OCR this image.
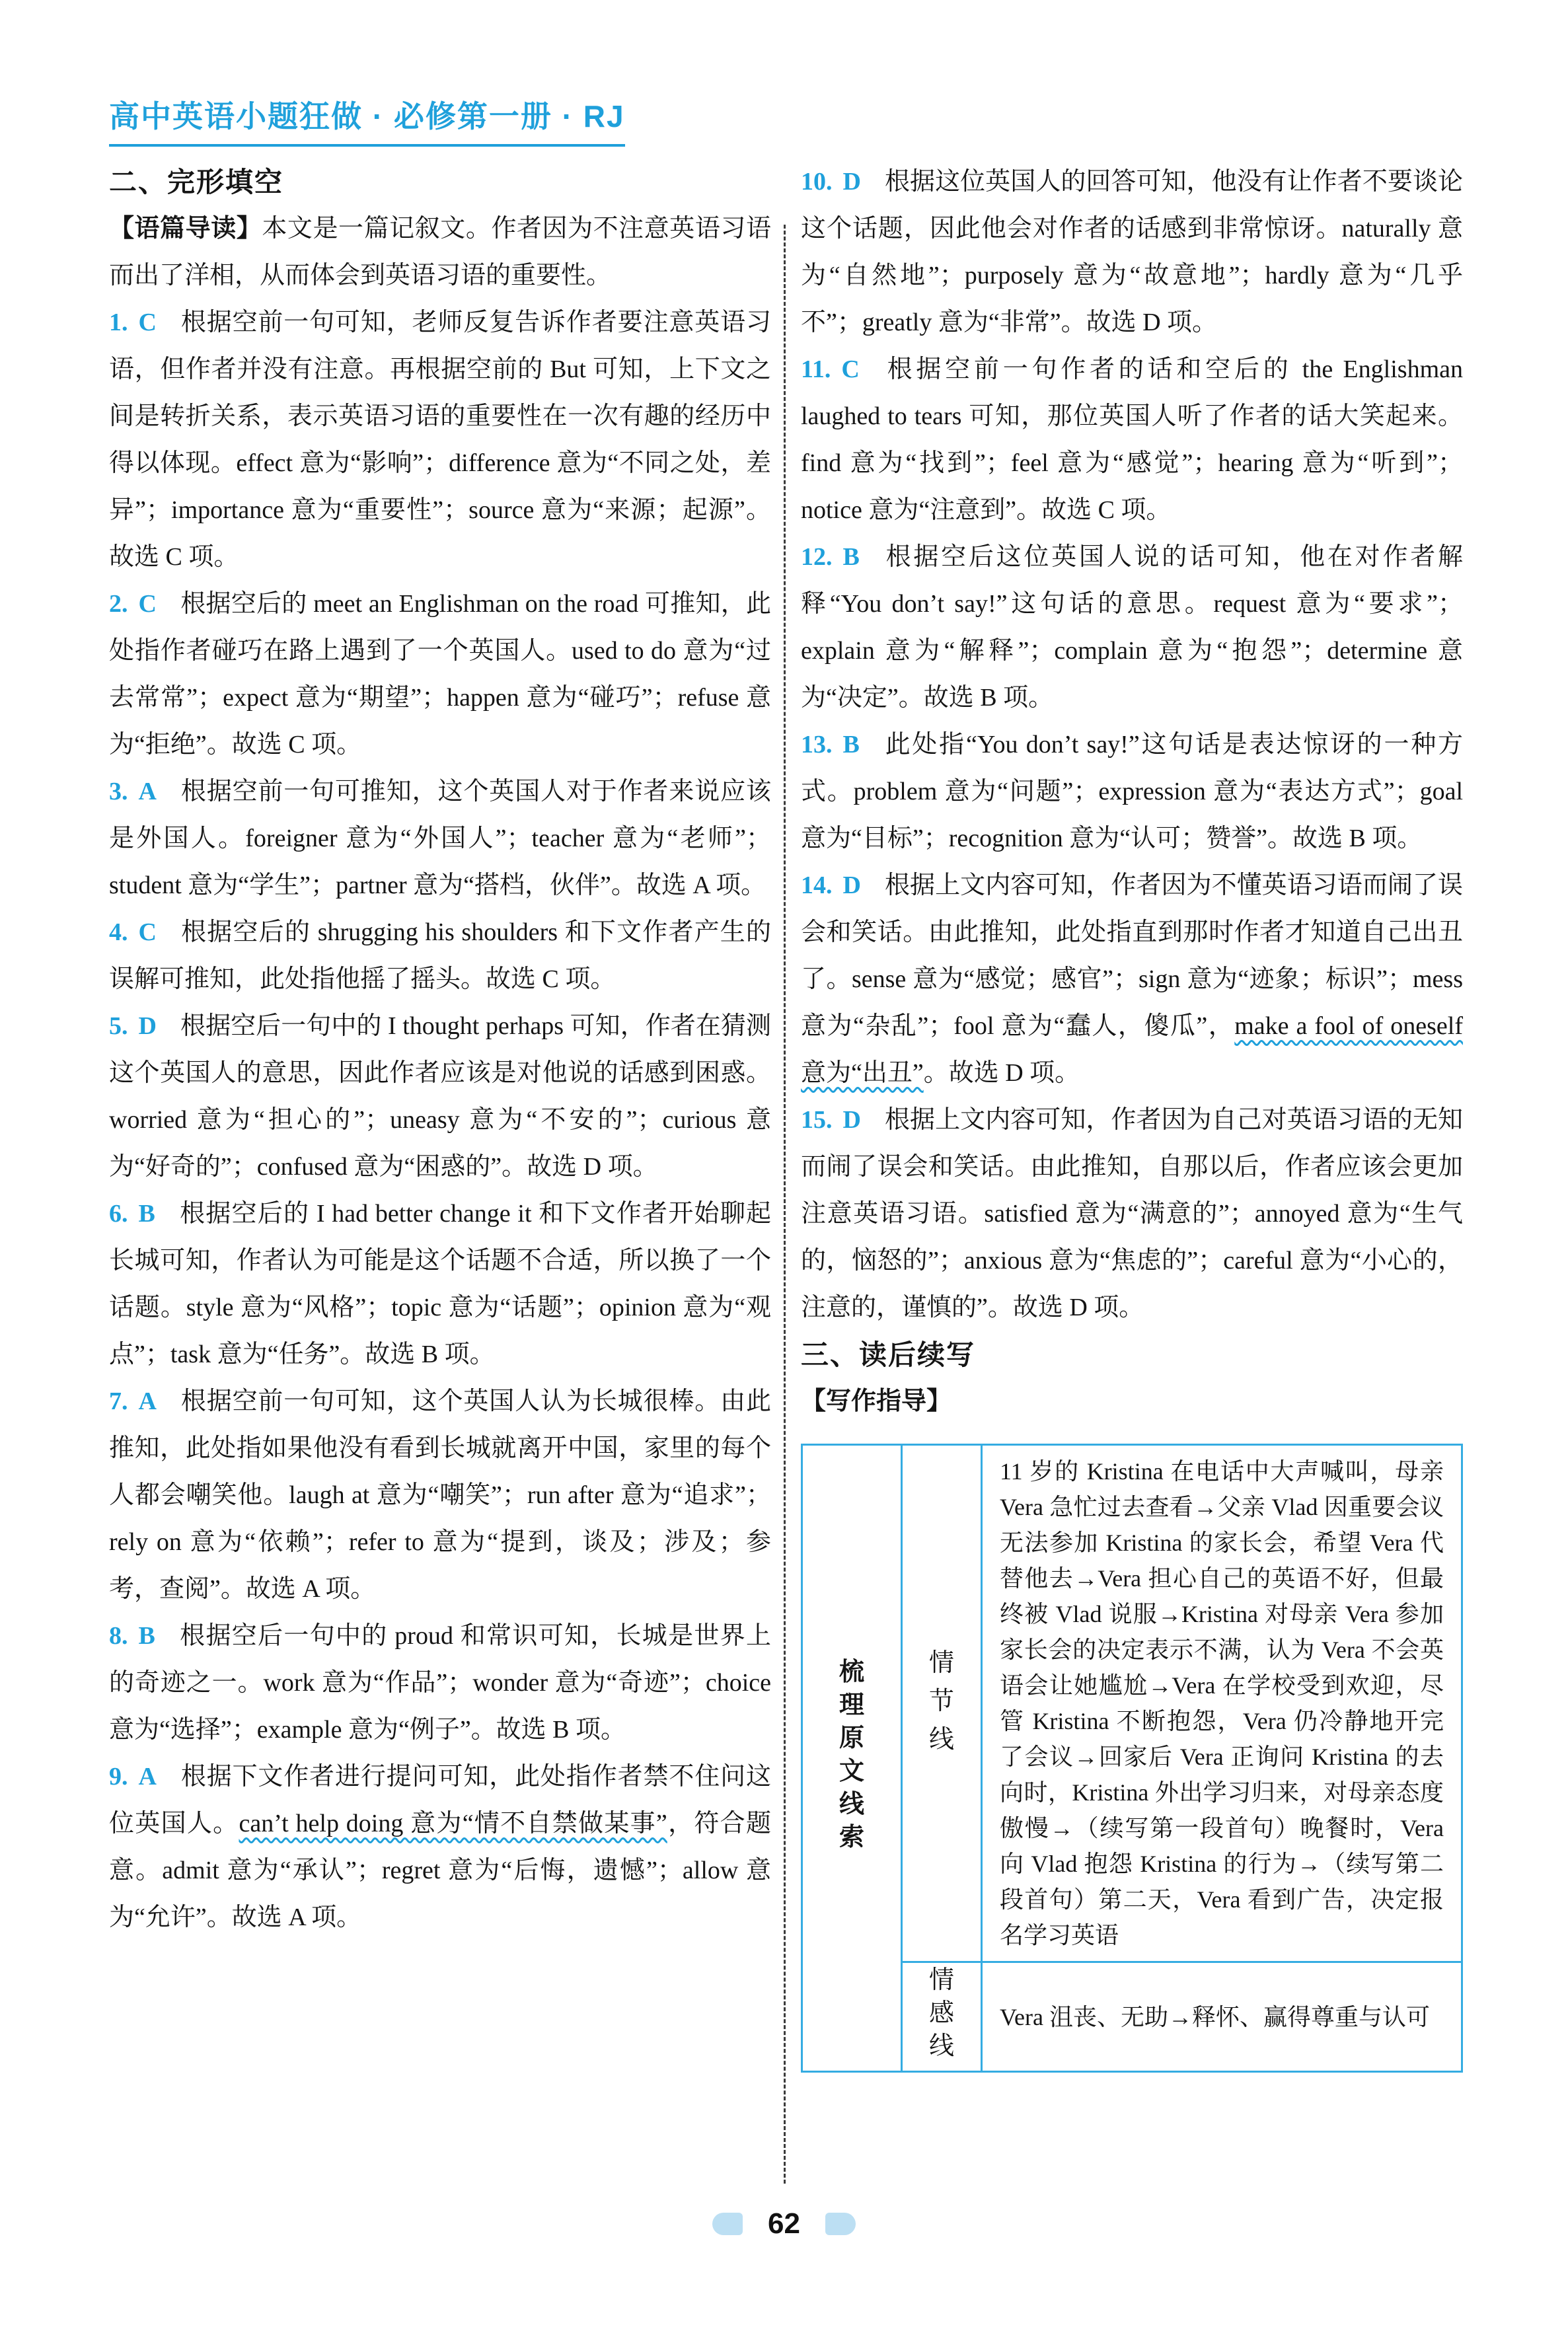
高中英语小题狂做 · 必修第一册 · RJ
二、完形填空

【语篇导读】本文是一篇记叙文。作者因为不注意英语习语而出了洋相，从而体会到英语习语的重要性。

1. C 根据空前一句可知，老师反复告诉作者要注意英语习语，但作者并没有注意。再根据空前的 But 可知，上下文之间是转折关系，表示英语习语的重要性在一次有趣的经历中得以体现。effect 意为“影响”；difference 意为“不同之处，差异”；importance 意为“重要性”；source 意为“来源；起源”。故选 C 项。

2. C 根据空后的 meet an Englishman on the road 可推知，此处指作者碰巧在路上遇到了一个英国人。used to do 意为“过去常常”；expect 意为“期望”；happen 意为“碰巧”；refuse 意为“拒绝”。故选 C 项。

3. A 根据空前一句可推知，这个英国人对于作者来说应该是外国人。foreigner 意为“外国人”；teacher 意为“老师”；student 意为“学生”；partner 意为“搭档，伙伴”。故选 A 项。

4. C 根据空后的 shrugging his shoulders 和下文作者产生的误解可推知，此处指他摇了摇头。故选 C 项。

5. D 根据空后一句中的 I thought perhaps 可知，作者在猜测这个英国人的意思，因此作者应该是对他说的话感到困惑。worried 意为“担心的”；uneasy 意为“不安的”；curious 意为“好奇的”；confused 意为“困惑的”。故选 D 项。

6. B 根据空后的 I had better change it 和下文作者开始聊起长城可知，作者认为可能是这个话题不合适，所以换了一个话题。style 意为“风格”；topic 意为“话题”；opinion 意为“观点”；task 意为“任务”。故选 B 项。

7. A 根据空前一句可知，这个英国人认为长城很棒。由此推知，此处指如果他没有看到长城就离开中国，家里的每个人都会嘲笑他。laugh at 意为“嘲笑”；run after 意为“追求”；rely on 意为“依赖”；refer to 意为“提到，谈及；涉及；参考，查阅”。故选 A 项。

8. B 根据空后一句中的 proud 和常识可知，长城是世界上的奇迹之一。work 意为“作品”；wonder 意为“奇迹”；choice 意为“选择”；example 意为“例子”。故选 B 项。

9. A 根据下文作者进行提问可知，此处指作者禁不住问这位英国人。can’t help doing 意为“情不自禁做某事”，符合题意。admit 意为“承认”；regret 意为“后悔，遗憾”；allow 意为“允许”。故选 A 项。

10. D 根据这位英国人的回答可知，他没有让作者不要谈论这个话题，因此他会对作者的话感到非常惊讶。naturally 意为“自然地”；purposely 意为“故意地”；hardly 意为“几乎不”；greatly 意为“非常”。故选 D 项。

11. C 根据空前一句作者的话和空后的 the Englishman laughed to tears 可知，那位英国人听了作者的话大笑起来。find 意为“找到”；feel 意为“感觉”；hearing 意为“听到”；notice 意为“注意到”。故选 C 项。

12. B 根据空后这位英国人说的话可知，他在对作者解释“You don’t say!”这句话的意思。request 意为“要求”；explain 意为“解释”；complain 意为“抱怨”；determine 意为“决定”。故选 B 项。

13. B 此处指“You don’t say!”这句话是表达惊讶的一种方式。problem 意为“问题”；expression 意为“表达方式”；goal 意为“目标”；recognition 意为“认可；赞誉”。故选 B 项。

14. D 根据上文内容可知，作者因为不懂英语习语而闹了误会和笑话。由此推知，此处指直到那时作者才知道自己出丑了。sense 意为“感觉；感官”；sign 意为“迹象；标识”；mess 意为“杂乱”；fool 意为“蠢人，傻瓜”，make a fool of oneself 意为“出丑”。故选 D 项。

15. D 根据上文内容可知，作者因为自己对英语习语的无知而闹了误会和笑话。由此推知，自那以后，作者应该会更加注意英语习语。satisfied 意为“满意的”；annoyed 意为“生气的，恼怒的”；anxious 意为“焦虑的”；careful 意为“小心的，注意的，谨慎的”。故选 D 项。

三、读后续写

【写作指导】

梳理原文线索	情节线	11 岁的 Kristina 在电话中大声喊叫，母亲 Vera 急忙过去查看→父亲 Vlad 因重要会议无法参加 Kristina 的家长会，希望 Vera 代替他去→Vera 担心自己的英语不好，但最终被 Vlad 说服→Kristina 对母亲 Vera 参加家长会的决定表示不满，认为 Vera 不会英语会让她尴尬→Vera 在学校受到欢迎，尽管 Kristina 不断抱怨，Vera 仍冷静地开完了会议→回家后 Vera 正询问 Kristina 的去向时，Kristina 外出学习归来，对母亲态度傲慢→（续写第一段首句）晚餐时，Vera 向 Vlad 抱怨 Kristina 的行为→（续写第二段首句）第二天，Vera 看到广告，决定报名学习英语
	情感线	Vera 沮丧、无助→释怀、赢得尊重与认可
62
